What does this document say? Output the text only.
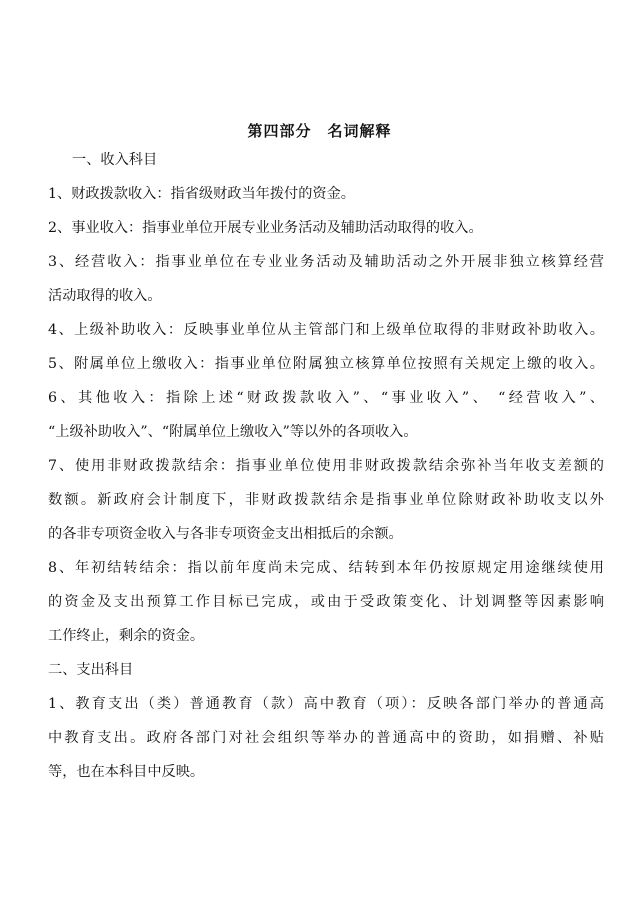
第四部分　名词解释
一、收入科目
1、财政拨款收入：指省级财政当年拨付的资金。
2、事业收入：指事业单位开展专业业务活动及辅助活动取得的收入。
3、经营收入：指事业单位在专业业务活动及辅助活动之外开展非独立核算经营
活动取得的收入。
4、上级补助收入：反映事业单位从主管部门和上级单位取得的非财政补助收入。
5、附属单位上缴收入：指事业单位附属独立核算单位按照有关规定上缴的收入。
6、其他收入：指除上述“财政拨款收入”、“事业收入”、 “经营收入”、
“上级补助收入”、“附属单位上缴收入”等以外的各项收入。
7、使用非财政拨款结余：指事业单位使用非财政拨款结余弥补当年收支差额的
数额。新政府会计制度下，非财政拨款结余是指事业单位除财政补助收支以外
的各非专项资金收入与各非专项资金支出相抵后的余额。
8、年初结转结余：指以前年度尚未完成、结转到本年仍按原规定用途继续使用
的资金及支出预算工作目标已完成，或由于受政策变化、计划调整等因素影响
工作终止，剩余的资金。
二、支出科目
1、教育支出（类）普通教育（款）高中教育（项）：反映各部门举办的普通高
中教育支出。政府各部门对社会组织等举办的普通高中的资助，如捐赠、补贴
等，也在本科目中反映。
